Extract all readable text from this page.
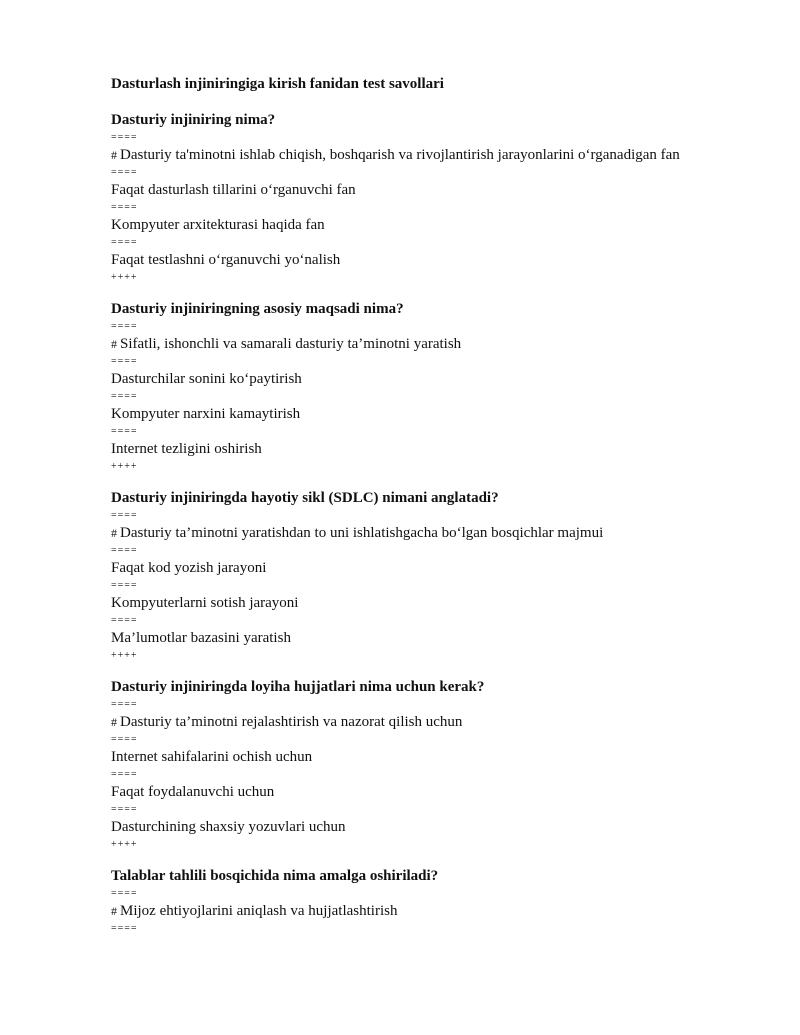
Dasturlash injiniringiga kirish fanidan test savollari
Dasturiy injiniring nima?
====
# Dasturiy ta'minotni ishlab chiqish, boshqarish va rivojlantirish jarayonlarini o‘rganadigan fan
====
Faqat dasturlash tillarini o‘rganuvchi fan
====
Kompyuter arxitekturasi haqida fan
====
Faqat testlashni o‘rganuvchi yo‘nalish
++++
Dasturiy injiniringning asosiy maqsadi nima?
====
# Sifatli, ishonchli va samarali dasturiy ta’minotni yaratish
====
Dasturchilar sonini ko‘paytirish
====
Kompyuter narxini kamaytirish
====
Internet tezligini oshirish
++++
Dasturiy injiniringda hayotiy sikl (SDLC) nimani anglatadi?
====
# Dasturiy ta’minotni yaratishdan to uni ishlatishgacha bo‘lgan bosqichlar majmui
====
Faqat kod yozish jarayoni
====
Kompyuterlarni sotish jarayoni
====
Ma’lumotlar bazasini yaratish
++++
Dasturiy injiniringda loyiha hujjatlari nima uchun kerak?
====
# Dasturiy ta’minotni rejalashtirish va nazorat qilish uchun
====
Internet sahifalarini ochish uchun
====
Faqat foydalanuvchi uchun
====
Dasturchining shaxsiy yozuvlari uchun
++++
Talablar tahlili bosqichida nima amalga oshiriladi?
====
# Mijoz ehtiyojlarini aniqlash va hujjatlashtirish
====
